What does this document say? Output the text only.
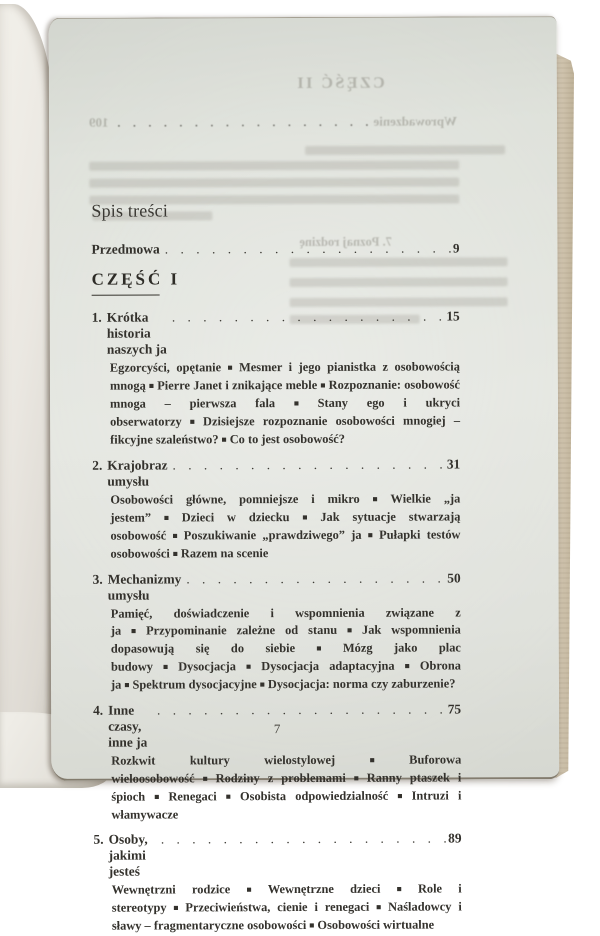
CZĘŚĆ II
Wprowadzenie
. . .
109
7. Poznaj rodzinę
Spis treści
Przedmowa . . .	9
CZĘŚĆ I
1. Krótka historia naszych ja
. . .
15

Egzorcyści, opętanie ■ Mesmer i jego pianistka z osobowością mnogą ■ Pierre Janet i znikające meble ■ Rozpoznanie: osobowość mnoga – pierwsza fala ■ Stany ego i ukryci obserwatorzy ■ Dzisiejsze rozpoznanie osobowości mnogiej – fikcyjne szaleństwo? ■ Co to jest osobowość?

2. Krajobraz umysłu
. . .
31

Osobowości główne, pomniejsze i mikro ■ Wielkie „ja jestem” ■ Dzieci w dziecku ■ Jak sytuacje stwarzają osobowość ■ Poszukiwanie „prawdziwego” ja ■ Pułapki testów osobowości ■ Razem na scenie

3. Mechanizmy umysłu
. . .
50

Pamięć, doświadczenie i wspomnienia związane z ja ■ Przypominanie zależne od stanu ■ Jak wspomnienia dopasowują się do siebie ■ Mózg jako plac budowy ■ Dysocjacja ■ Dysocjacja adaptacyjna ■ Obrona ja ■ Spektrum dysocjacyjne ■ Dysocjacja: norma czy zaburzenie?

4. Inne czasy, inne ja
. . .
75

Rozkwit kultury wielostylowej ■ Buforowa wieloosobowość ■ Rodziny z problemami ■ Ranny ptaszek i śpioch ■ Renegaci ■ Osobista odpowiedzialność ■ Intruzi i włamywacze

5. Osoby, jakimi jesteś
. . .
89

Wewnętrzni rodzice ■ Wewnętrzne dzieci ■ Role i stereotypy ■ Przeciwieństwa, cienie i renegaci ■ Naśladowcy i sławy – fragmentaryczne osobowości ■ Osobowości wirtualne

7
